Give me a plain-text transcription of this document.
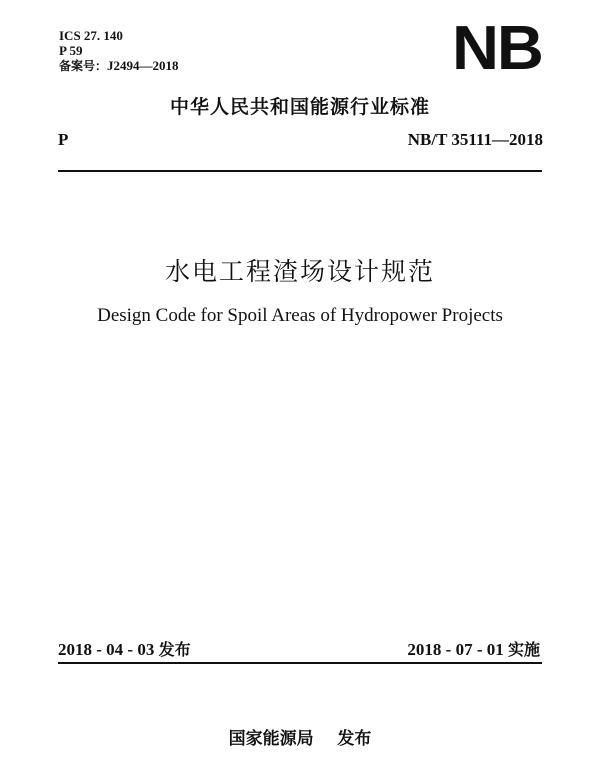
ICS 27. 140
P 59
备案号：J2494—2018	NB
中华人民共和国能源行业标准
P	NB/T 35111—2018
水电工程渣场设计规范
Design Code for Spoil Areas of Hydropower Projects
2018 - 04 - 03 发布	2018 - 07 - 01 实施
国家能源局 发布
